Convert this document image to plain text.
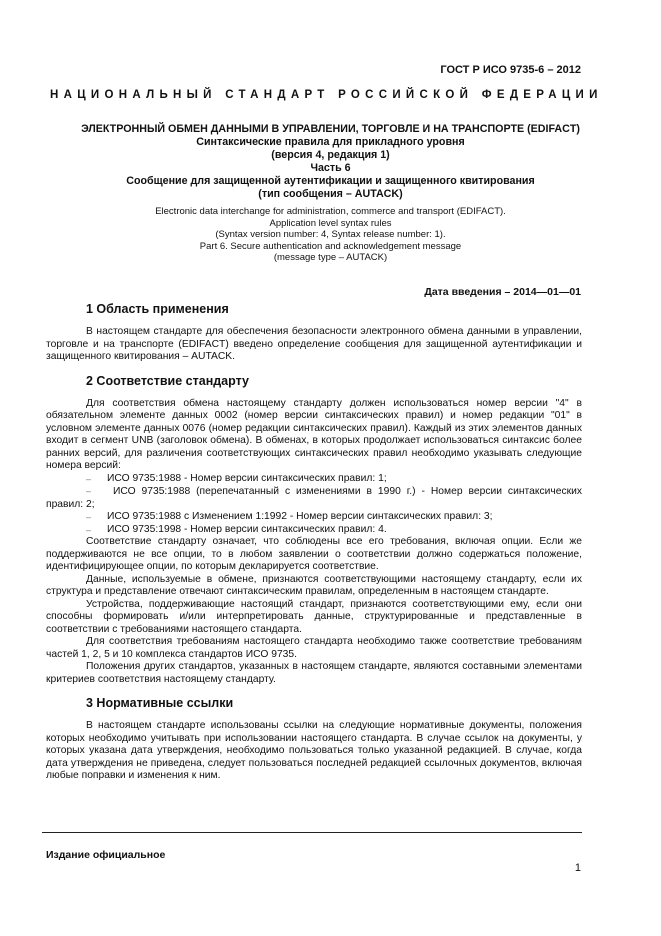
ГОСТ Р ИСО 9735-6 – 2012
НАЦИОНАЛЬНЫЙ СТАНДАРТ РОССИЙСКОЙ ФЕДЕРАЦИИ
ЭЛЕКТРОННЫЙ ОБМЕН ДАННЫМИ В УПРАВЛЕНИИ, ТОРГОВЛЕ И НА ТРАНСПОРТЕ (EDIFACT)
Синтаксические правила для прикладного уровня
(версия 4, редакция 1)
Часть 6
Сообщение для защищенной аутентификации и защищенного квитирования
(тип сообщения – AUTACK)
Electronic data interchange for administration, commerce and transport (EDIFACT).
Application level syntax rules
(Syntax version number: 4, Syntax release number: 1).
Part 6. Secure authentication and acknowledgement message
(message type – AUTACK)
Дата введения – 2014—01—01
1 Область применения

В настоящем стандарте для обеспечения безопасности электронного обмена данными в управлении, торговле и на транспорте (EDIFACT) введено определение сообщения для защищенной аутентификации и защищенного квитирования – AUTACK.

2 Соответствие стандарту

Для соответствия обмена настоящему стандарту должен использоваться номер версии "4" в обязательном элементе данных 0002 (номер версии синтаксических правил) и номер редакции "01" в условном элементе данных 0076 (номер редакции синтаксических правил). Каждый из этих элементов данных входит в сегмент UNB (заголовок обмена). В обменах, в которых продолжает использоваться синтаксис более ранних версий, для различения соответствующих синтаксических правил необходимо указывать следующие номера версий:

–	ИСО 9735:1988 - Номер версии синтаксических правил: 1;
– ИСО 9735:1988 (перепечатанный с изменениями в 1990 г.) - Номер версии синтаксических правил: 2;
–	ИСО 9735:1988 с Изменением 1:1992 - Номер версии синтаксических правил: 3;
–	ИСО 9735:1998 - Номер версии синтаксических правил: 4.

Соответствие стандарту означает, что соблюдены все его требования, включая опции. Если же поддерживаются не все опции, то в любом заявлении о соответствии должно содержаться положение, идентифицирующее опции, по которым декларируется соответствие.

Данные, используемые в обмене, признаются соответствующими настоящему стандарту, если их структура и представление отвечают синтаксическим правилам, определенным в настоящем стандарте.

Устройства, поддерживающие настоящий стандарт, признаются соответствующими ему, если они способны формировать и/или интерпретировать данные, структурированные и представленные в соответствии с требованиями настоящего стандарта.

Для соответствия требованиям настоящего стандарта необходимо также соответствие требованиям частей 1, 2, 5 и 10 комплекса стандартов ИСО 9735.

Положения других стандартов, указанных в настоящем стандарте, являются составными элементами критериев соответствия настоящему стандарту.

3 Нормативные ссылки

В настоящем стандарте использованы ссылки на следующие нормативные документы, положения которых необходимо учитывать при использовании настоящего стандарта. В случае ссылок на документы, у которых указана дата утверждения, необходимо пользоваться только указанной редакцией. В случае, когда дата утверждения не приведена, следует пользоваться последней редакцией ссылочных документов, включая любые поправки и изменения к ним.

Издание официальное
1
